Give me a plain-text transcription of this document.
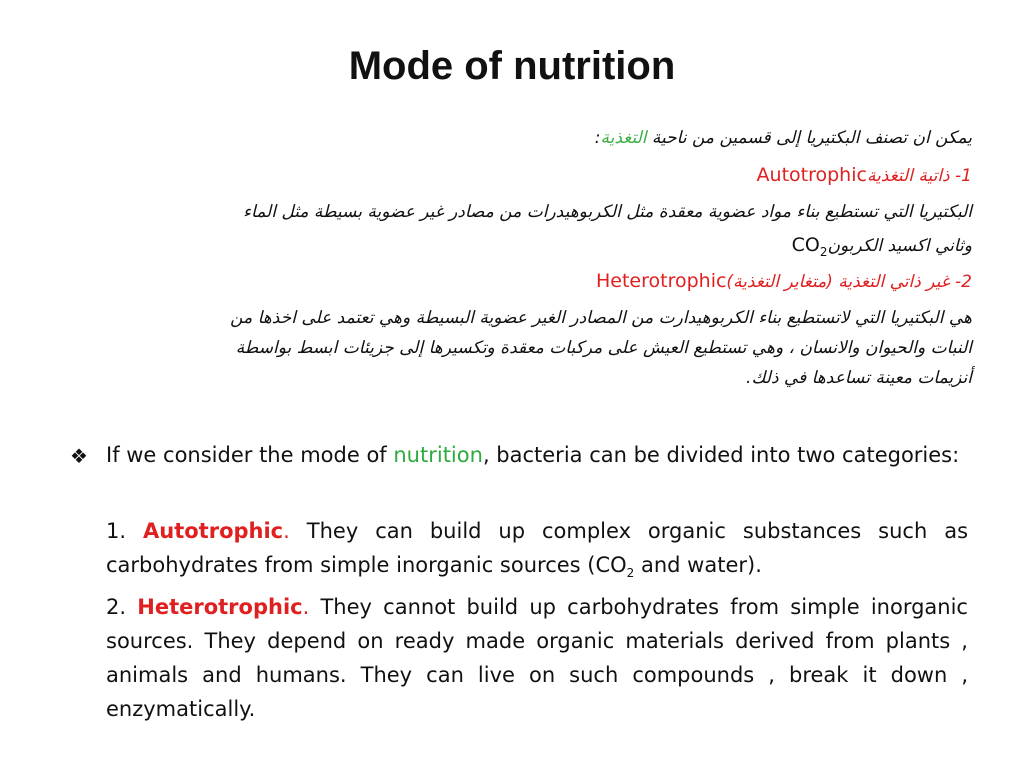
Mode of nutrition
يمكن ان تصنف البكتيريا إلى قسمين من ناحية التغذية:
1- ذاتية التغذيةAutotrophic
البكتيريا التي تستطيع بناء مواد عضوية معقدة مثل الكربوهيدرات من مصادر غير عضوية بسيطة مثل الماء
وثاني اكسيد الكربونCO$_2$
2- غير ذاتي التغذية (متغاير التغذية)Heterotrophic
هي البكتيريا التي لاتستطيع بناء الكربوهيدارت من المصادر الغير عضوية البسيطة وهي تعتمد على اخذها من
النبات والحيوان والانسان ، وهي تستطيع العيش على مركبات معقدة وتكسيرها إلى جزيئات ابسط بواسطة
أنزيمات معينة تساعدها في ذلك.
❖ If we consider the mode of nutrition, bacteria can be divided into two categories:
1. Autotrophic. They can build up complex organic substances such as carbohydrates from simple inorganic sources ($CO_2$ and water).
2. Heterotrophic. They cannot build up carbohydrates from simple inorganic sources. They depend on ready made organic materials derived from plants , animals and humans. They can live on such compounds , break it down , enzymatically.
